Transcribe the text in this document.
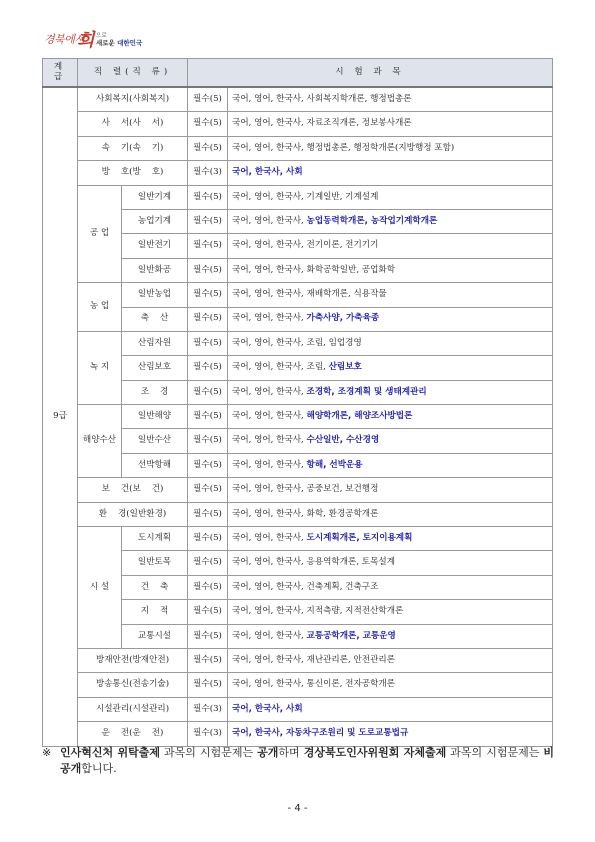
경북에서
희 으로
새로운 대한민국
계 급	직 렬(직 류)		시 험 과 목	
9급	사회복지(사회복지)		필수(5)	국어, 영어, 한국사, 사회복지학개론, 행정법총론
	사    서(사    서)		필수(5)	국어, 영어, 한국사, 자료조직개론, 정보봉사개론
	속    기(속    기)		필수(5)	국어, 영어, 한국사, 행정법총론, 행정학개론(지방행정 포함)
	방    호(방    호)		필수(3)	국어, 한국사, 사회
	공 업	일반기계	필수(5)	국어, 영어, 한국사, 기계일반, 기계설계
		농업기계	필수(5)	국어, 영어, 한국사, 농업동력학개론, 농작업기계학개론
		일반전기	필수(5)	국어, 영어, 한국사, 전기이론, 전기기기
		일반화공	필수(5)	국어, 영어, 한국사, 화학공학일반, 공업화학
	농 업	일반농업	필수(5)	국어, 영어, 한국사, 재배학개론, 식용작물
		축    산	필수(5)	국어, 영어, 한국사, 가축사양, 가축육종
	녹 지	산림자원	필수(5)	국어, 영어, 한국사, 조림, 임업경영
		산림보호	필수(5)	국어, 영어, 한국사, 조림, 산림보호
		조    경	필수(5)	국어, 영어, 한국사, 조경학, 조경계획 및 생태계관리
	해양수산	일반해양	필수(5)	국어, 영어, 한국사, 해양학개론, 해양조사방법론
		일반수산	필수(5)	국어, 영어, 한국사, 수산일반, 수산경영
		선박항해	필수(5)	국어, 영어, 한국사, 항해, 선박운용
	보    건(보    건)		필수(5)	국어, 영어, 한국사, 공중보건, 보건행정
	환    경(일반환경)		필수(5)	국어, 영어, 한국사, 화학, 환경공학개론
	시 설	도시계획	필수(5)	국어, 영어, 한국사, 도시계획개론, 토지이용계획
		일반토목	필수(5)	국어, 영어, 한국사, 응용역학개론, 토목설계
		건    축	필수(5)	국어, 영어, 한국사, 건축계획, 건축구조
		지    적	필수(5)	국어, 영어, 한국사, 지적측량, 지적전산학개론
		교통시설	필수(5)	국어, 영어, 한국사, 교통공학개론, 교통운영
	방재안전(방재안전)		필수(5)	국어, 영어, 한국사, 재난관리론, 안전관리론
	방송통신(전송기술)		필수(5)	국어, 영어, 한국사, 통신이론, 전자공학개론
	시설관리(시설관리)		필수(3)	국어, 한국사, 사회
	운    전(운    전)		필수(3)	국어, 한국사, 자동차구조원리 및 도로교통법규
※ 인사혁신처 위탁출제 과목의 시험문제는 공개하며 경상북도인사위원회 자체출제 과목의 시험문제는 비공개합니다.
- 4 -
